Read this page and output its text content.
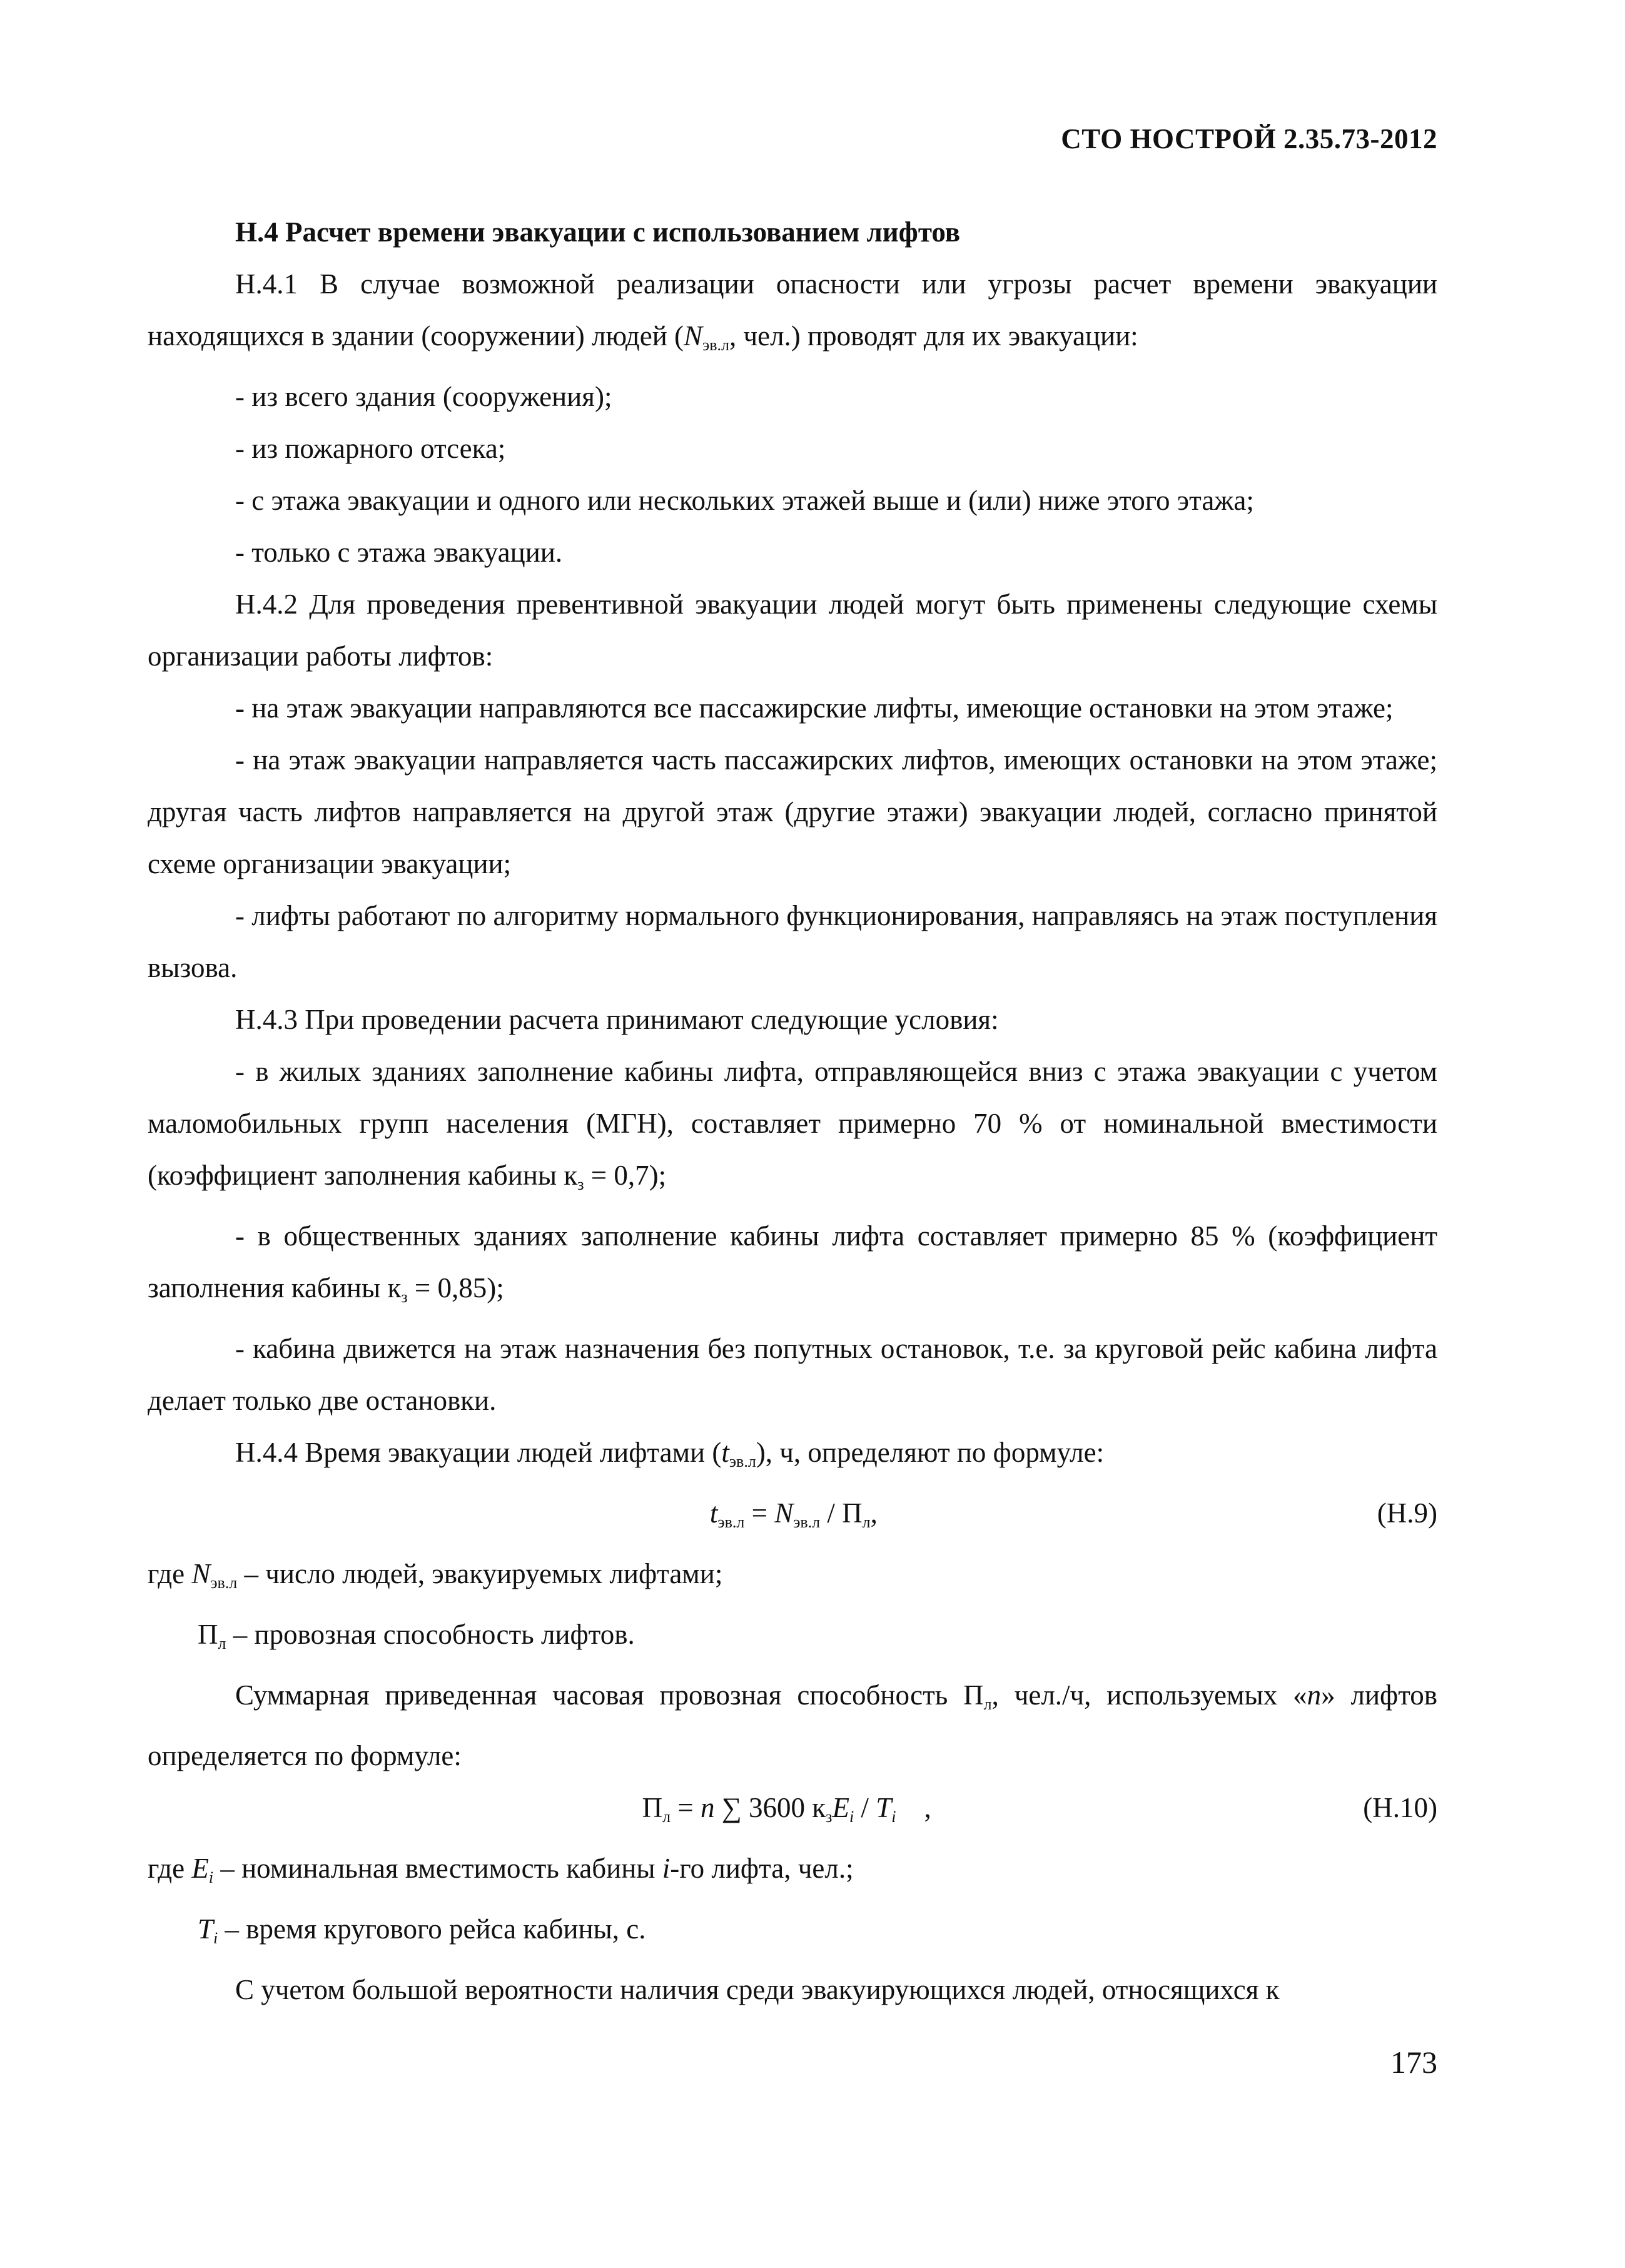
СТО НОСТРОЙ 2.35.73-2012

Н.4 Расчет времени эвакуации с использованием лифтов

Н.4.1 В случае возможной реализации опасности или угрозы расчет времени эвакуации находящихся в здании (сооружении) людей ($N_{эв.л}$, чел.) проводят для их эвакуации:

- из всего здания (сооружения);

- из пожарного отсека;

- с этажа эвакуации и одного или нескольких этажей выше и (или) ниже этого этажа;

- только с этажа эвакуации.

Н.4.2 Для проведения превентивной эвакуации людей могут быть применены следующие схемы организации работы лифтов:

- на этаж эвакуации направляются все пассажирские лифты, имеющие остановки на этом этаже;

- на этаж эвакуации направляется часть пассажирских лифтов, имеющих остановки на этом этаже; другая часть лифтов направляется на другой этаж (другие этажи) эвакуации людей, согласно принятой схеме организации эвакуации;

- лифты работают по алгоритму нормального функционирования, направляясь на этаж поступления вызова.

Н.4.3 При проведении расчета принимают следующие условия:

- в жилых зданиях заполнение кабины лифта, отправляющейся вниз с этажа эвакуации с учетом маломобильных групп населения (МГН), составляет примерно 70 % от номинальной вместимости (коэффициент заполнения кабины $к_з = 0,7$);

- в общественных зданиях заполнение кабины лифта составляет примерно 85 % (коэффициент заполнения кабины $к_з = 0,85$);

- кабина движется на этаж назначения без попутных остановок, т.е. за круговой рейс кабина лифта делает только две остановки.

Н.4.4 Время эвакуации людей лифтами $(t_{эв.л})$, ч, определяют по формуле:

$t_{эв.л} = N_{эв.л} / П_л$,	(Н.9)

где $N_{эв.л}$ – число людей, эвакуируемых лифтами;

$П_л$ – провозная способность лифтов.

Суммарная приведенная часовая провозная способность $П_л$, чел./ч, используемых «n» лифтов определяется по формуле:

$П_л = n$ ∑ 3600 $к_зE_i / T_i$    ,	(Н.10)

где $E_i$ – номинальная вместимость кабины i-го лифта, чел.;

$T_i$ – время кругового рейса кабины, с.

С учетом большой вероятности наличия среди эвакуирующихся людей, относящихся к

173
